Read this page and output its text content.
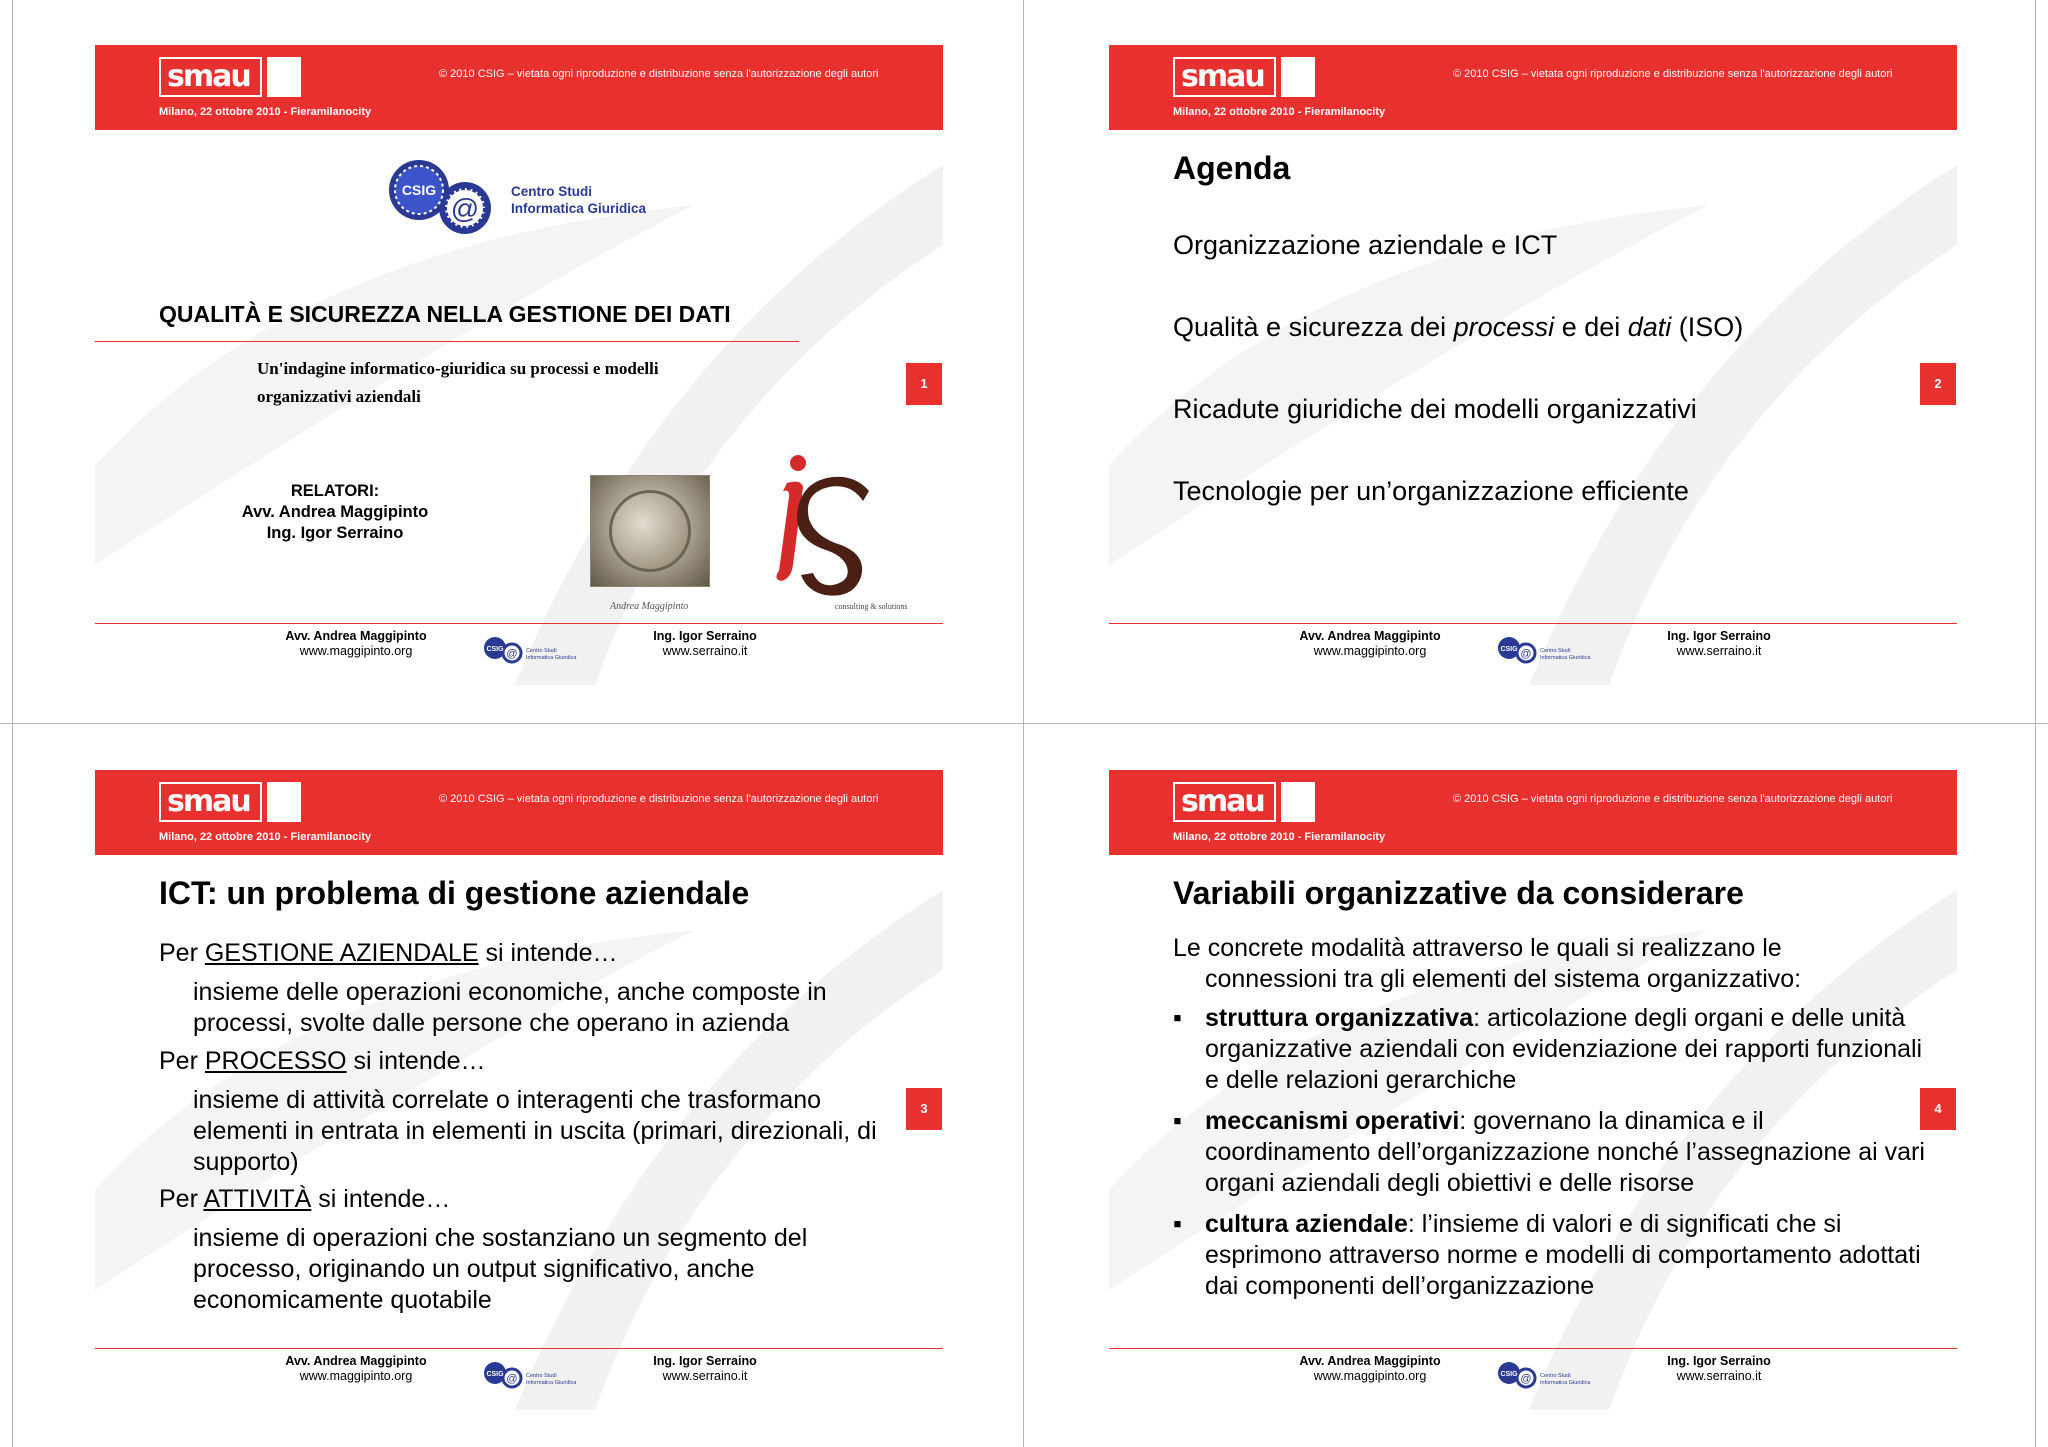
smau	© 2010 CSIG – vietata ogni riproduzione e distribuzione senza l'autorizzazione degli autori
Milano, 22 ottobre 2010 - Fieramilanocity
CSIG
@
Centro Studi
Informatica Giuridica
QUALITÀ E SICUREZZA NELLA GESTIONE DEI DATI
Un'indagine informatico-giuridica su processi e modelli organizzativi aziendali
1
RELATORI:
Avv. Andrea Maggipinto
Ing. Igor Serraino
Andrea Maggipinto	consulting & solutions
Avv. Andrea Maggipinto
www.maggipinto.org	CSIG @ Centro Studi
Informatica Giuridica
Ing. Igor Serraino
www.serraino.it
smau	© 2010 CSIG – vietata ogni riproduzione e distribuzione senza l'autorizzazione degli autori
Milano, 22 ottobre 2010 - Fieramilanocity
Agenda
Organizzazione aziendale e ICT
Qualità e sicurezza dei processi e dei dati (ISO)
Ricadute giuridiche dei modelli organizzativi
Tecnologie per un’organizzazione efficiente
2
Avv. Andrea Maggipinto
www.maggipinto.org	CSIG @ Centro Studi
Informatica Giuridica
Ing. Igor Serraino
www.serraino.it
smau	© 2010 CSIG – vietata ogni riproduzione e distribuzione senza l'autorizzazione degli autori
Milano, 22 ottobre 2010 - Fieramilanocity
ICT: un problema di gestione aziendale
Per GESTIONE AZIENDALE si intende…
insieme delle operazioni economiche, anche composte in processi, svolte dalle persone che operano in azienda
Per PROCESSO si intende…
insieme di attività correlate o interagenti che trasformano elementi in entrata in elementi in uscita (primari, direzionali, di supporto)
Per ATTIVITÀ si intende…
insieme di operazioni che sostanziano un segmento del processo, originando un output significativo, anche economicamente quotabile
3
Avv. Andrea Maggipinto
www.maggipinto.org	CSIG @ Centro Studi
Informatica Giuridica
Ing. Igor Serraino
www.serraino.it
smau	© 2010 CSIG – vietata ogni riproduzione e distribuzione senza l'autorizzazione degli autori
Milano, 22 ottobre 2010 - Fieramilanocity
Variabili organizzative da considerare
Le concrete modalità attraverso le quali si realizzano le connessioni tra gli elementi del sistema organizzativo:
▪ struttura organizzativa: articolazione degli organi e delle unità organizzative aziendali con evidenziazione dei rapporti funzionali e delle relazioni gerarchiche
▪ meccanismi operativi: governano la dinamica e il coordinamento dell’organizzazione nonché l’assegnazione ai vari organi aziendali degli obiettivi e delle risorse
▪ cultura aziendale: l’insieme di valori e di significati che si esprimono attraverso norme e modelli di comportamento adottati dai componenti dell’organizzazione
4
Avv. Andrea Maggipinto
www.maggipinto.org	CSIG @ Centro Studi
Informatica Giuridica
Ing. Igor Serraino
www.serraino.it
